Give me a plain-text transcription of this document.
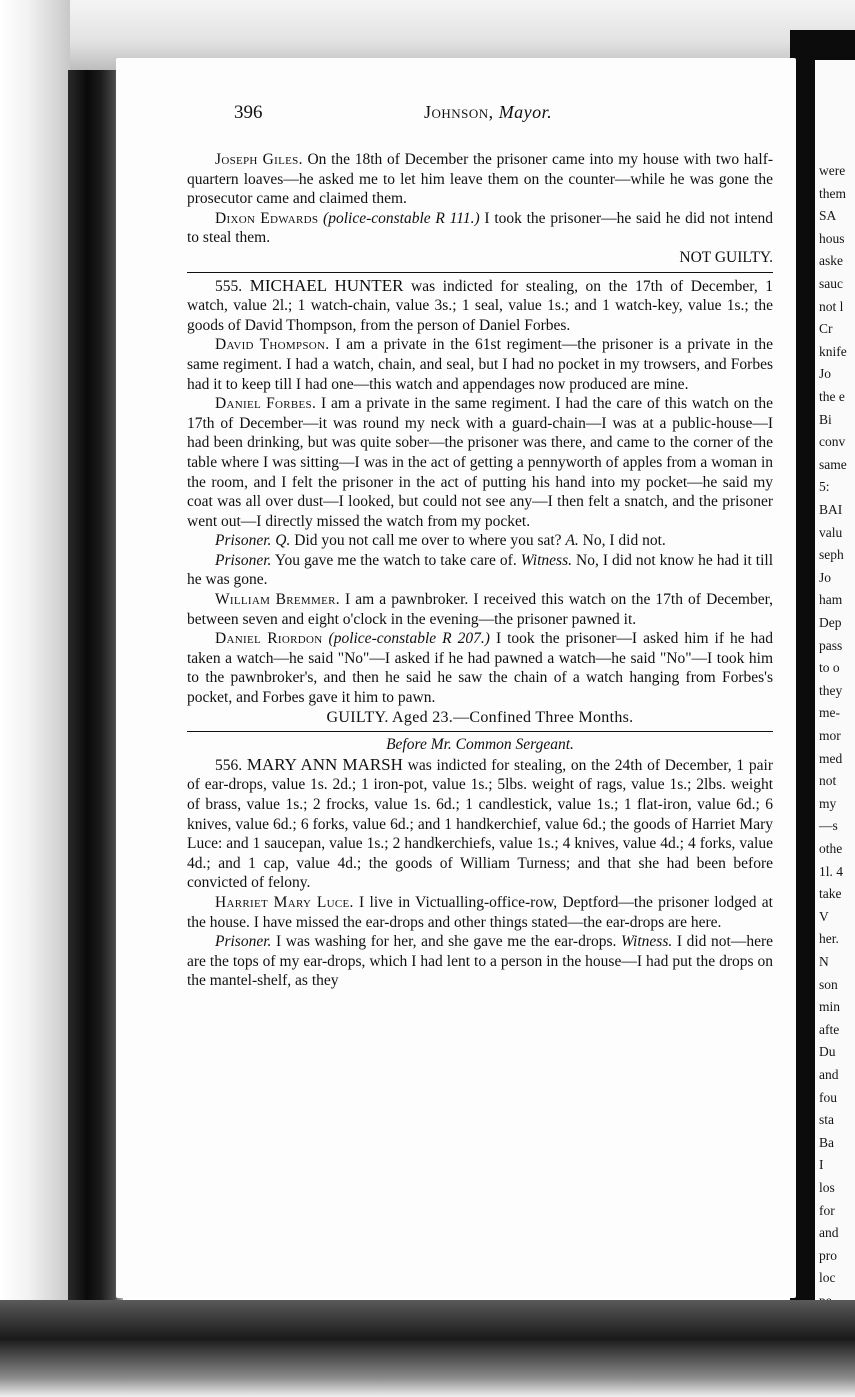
were
them
SA
hous
aske
sauc
not l
Cr
knife
Jo
the e
Bi
conv
same
5:
BAI
valu
seph
Jo
ham
Dep
pass
to o
they
me-
mor
med
not
my
—s
othe
1l. 4
take
V
her.
N
son
min
afte
Du
and
fou
sta
Ba
I
los
for
and
pro
loc
396	Johnson, Mayor.

Joseph Giles. On the 18th of December the prisoner came into my house with two half-quartern loaves—he asked me to let him leave them on the counter—while he was gone the prosecutor came and claimed them.

Dixon Edwards (police-constable R 111.) I took the prisoner—he said he did not intend to steal them.

NOT GUILTY.

555. MICHAEL HUNTER was indicted for stealing, on the 17th of December, 1 watch, value 2l.; 1 watch-chain, value 3s.; 1 seal, value 1s.; and 1 watch-key, value 1s.; the goods of David Thompson, from the person of Daniel Forbes.

David Thompson. I am a private in the 61st regiment—the prisoner is a private in the same regiment. I had a watch, chain, and seal, but I had no pocket in my trowsers, and Forbes had it to keep till I had one—this watch and appendages now produced are mine.

Daniel Forbes. I am a private in the same regiment. I had the care of this watch on the 17th of December—it was round my neck with a guard-chain—I was at a public-house—I had been drinking, but was quite sober—the prisoner was there, and came to the corner of the table where I was sitting—I was in the act of getting a pennyworth of apples from a woman in the room, and I felt the prisoner in the act of putting his hand into my pocket—he said my coat was all over dust—I looked, but could not see any—I then felt a snatch, and the prisoner went out—I directly missed the watch from my pocket.

Prisoner. Q. Did you not call me over to where you sat? A. No, I did not.

Prisoner. You gave me the watch to take care of. Witness. No, I did not know he had it till he was gone.

William Bremmer. I am a pawnbroker. I received this watch on the 17th of December, between seven and eight o'clock in the evening—the prisoner pawned it.

Daniel Riordon (police-constable R 207.) I took the prisoner—I asked him if he had taken a watch—he said "No"—I asked if he had pawned a watch—he said "No"—I took him to the pawnbroker's, and then he said he saw the chain of a watch hanging from Forbes's pocket, and Forbes gave it him to pawn.

GUILTY. Aged 23.—Confined Three Months.

Before Mr. Common Sergeant.

556. MARY ANN MARSH was indicted for stealing, on the 24th of December, 1 pair of ear-drops, value 1s. 2d.; 1 iron-pot, value 1s.; 5lbs. weight of rags, value 1s.; 2lbs. weight of brass, value 1s.; 2 frocks, value 1s. 6d.; 1 candlestick, value 1s.; 1 flat-iron, value 6d.; 6 knives, value 6d.; 6 forks, value 6d.; and 1 handkerchief, value 6d.; the goods of Harriet Mary Luce: and 1 saucepan, value 1s.; 2 handkerchiefs, value 1s.; 4 knives, value 4d.; 4 forks, value 4d.; and 1 cap, value 4d.; the goods of William Turness; and that she had been before convicted of felony.

Harriet Mary Luce. I live in Victualling-office-row, Deptford—the prisoner lodged at the house. I have missed the ear-drops and other things stated—the ear-drops are here.

Prisoner. I was washing for her, and she gave me the ear-drops. Witness. I did not—here are the tops of my ear-drops, which I had lent to a person in the house—I had put the drops on the mantel-shelf, as they
